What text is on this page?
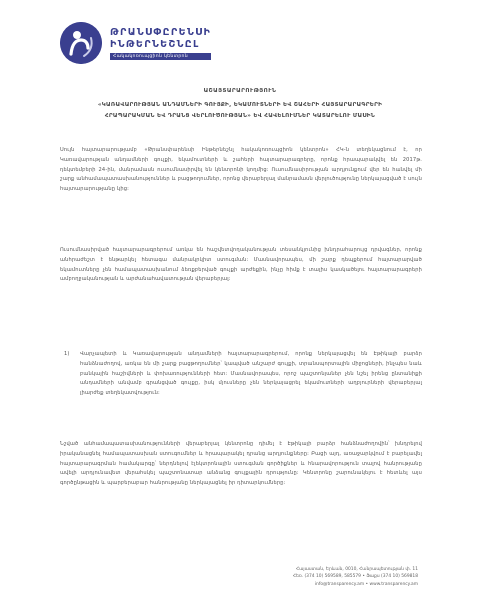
ԹՐԱՆՍՓԸՐԵՆՍԻ
ԻՆԹԵՐՆԵՇՆԸԼ
Հակակոռուպցիոն կենտրոն
ԱՇԱՅՏԱՐԱՐՈՒԹՅՈՒՆ
«ԿԱՌԱՎԱՐՈՒԹՅԱՆ ԱՆԴԱՄՆԵՐԻ ԳՈՒՅՔԻ, ԵԿԱՄՈՒՏՆԵՐԻ ԵՎ ՇԱՀԵՐԻ ՀԱՅՏԱՐԱՐԱԳՐԵՐԻ ՀՐԱՊԱՐԱԿՄԱՆ ԵՎ ԴՐԱՆՑ ՎԵՐԼՈՒԾՈՒԹՅԱՆ» ԵՎ ՀԱՎԵԼՈՒՄՆԵՐ ԿԱՏԱՐԵԼՈՒ ՄԱՍԻՆ
Սույն հայտարարությամբ «Թրանսփարենսի Ինթերնեշնլ հակակոռուպցիոն կենտրոն» ՀԿ-ն տեղեկացնում է, որ Կառավարության անդամների գույքի, եկամուտների և շահերի հայտարարագրերը, որոնք հրապարակվել են 2017թ. դեկտեմբերի 24-ին, մանրամասն ուսումնասիրվել են կենտրոնի կողմից: Ուսումնասիրության արդյունքում վեր են հանվել մի շարք անհամապատասխանություններ և բացթողումներ, որոնց վերաբերյալ մանրամասն վերլուծությունը ներկայացված է սույն հայտարարությանը կից:
Ուսումնասիրված հայտարարագրերում առկա են հաշվետվողականության տեսանկյունից խնդրահարույց դրվագներ, որոնք անհրաժեշտ է ենթարկել հետագա մանրակրկիտ ստուգման: Մասնավորապես, մի շարք դեպքերում հայտարարված եկամուտները չեն համապատասխանում ձեռքբերված գույքի արժեքին, ինչը հիմք է տալիս կասկածելու հայտարարագրերի ամբողջականության և արժանահավատության վերաբերյալ:
1)	Վարչապետի և Կառավարության անդամների հայտարարագրերում, որոնք ներկայացվել են Էթիկայի բարձր հանձնաժողով, առկա են մի շարք բացթողումներ՝ կապված անշարժ գույքի, տրանսպորտային միջոցների, ինչպես նաև բանկային հաշիվների և փոխառությունների հետ: Մասնավորապես, որոշ պաշտոնյաներ չեն նշել իրենց ընտանիքի անդամների անվամբ գրանցված գույքը, իսկ մյուսները չեն ներկայացրել եկամուտների աղբյուրների վերաբերյալ լիարժեք տեղեկատվություն:
Նշված անհամապատասխանությունների վերաբերյալ կենտրոնը դիմել է Էթիկայի բարձր հանձնաժողովին՝ խնդրելով իրականացնել համապատասխան ստուգումներ և հրապարակել դրանց արդյունքները: Բացի այդ, առաջարկվում է բարելավել հայտարարագրման համակարգը՝ ներդնելով էլեկտրոնային ստուգման գործիքներ և հնարավորություն տալով հանրությանը ավելի արդյունավետ վերահսկել պաշտոնատար անձանց գույքային դրությունը: Կենտրոնը շարունակելու է հետևել այս գործընթացին և պարբերաբար հանրությանը ներկայացնել իր դիտարկումները:
Հայաստան, Երևան, 0010, Հանրապետության փ. 11
Հեռ. (374 10) 569589, 585579 • Ֆաքս (374 10) 569818
info@transparency.am • www.transparency.am
